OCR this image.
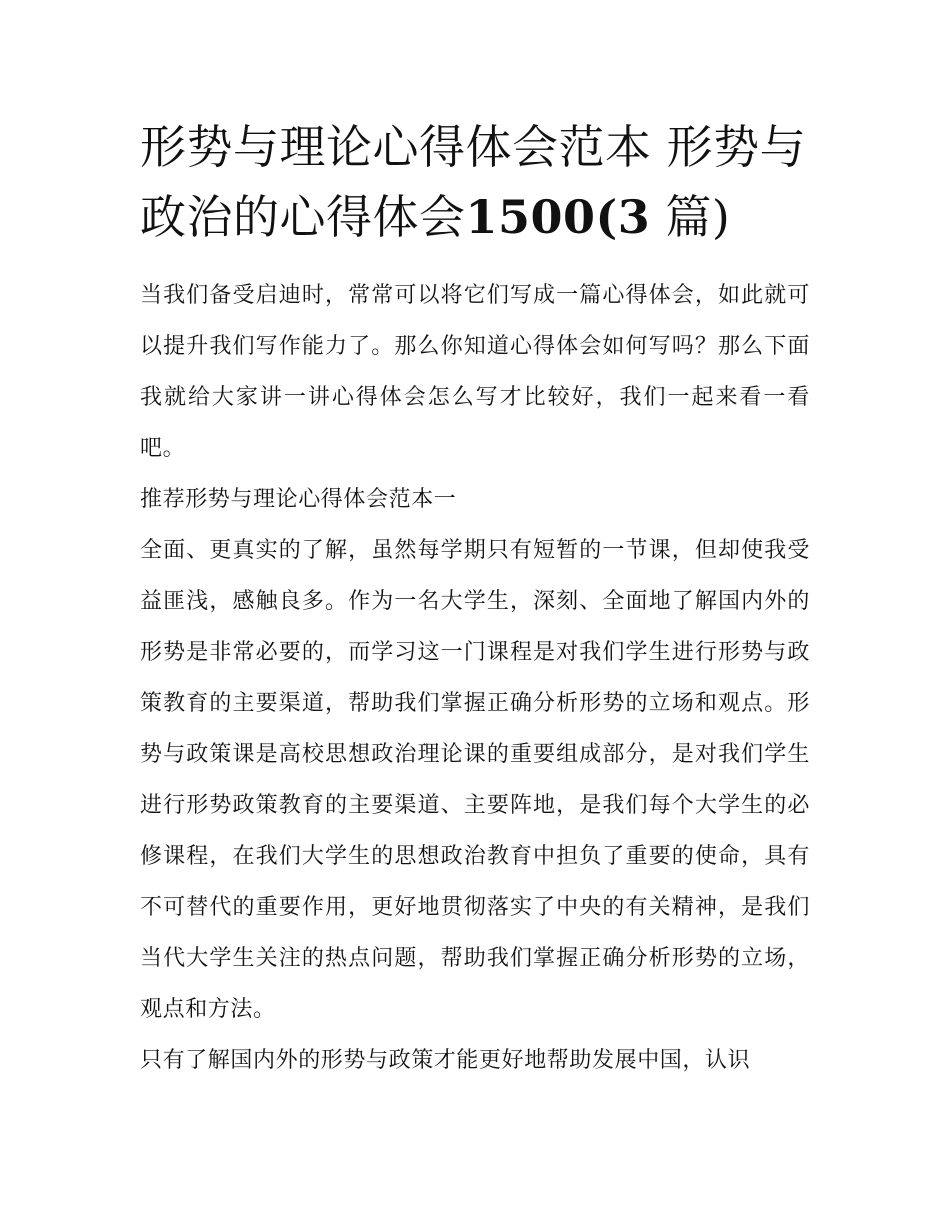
形势与理论心得体会范本 形势与政治的心得体会1500(3 篇)

当我们备受启迪时，常常可以将它们写成一篇心得体会，如此就可以提升我们写作能力了。那么你知道心得体会如何写吗？那么下面我就给大家讲一讲心得体会怎么写才比较好，我们一起来看一看吧。

推荐形势与理论心得体会范本一

全面、更真实的了解，虽然每学期只有短暂的一节课，但却使我受益匪浅，感触良多。作为一名大学生，深刻、全面地了解国内外的形势是非常必要的，而学习这一门课程是对我们学生进行形势与政策教育的主要渠道，帮助我们掌握正确分析形势的立场和观点。形势与政策课是高校思想政治理论课的重要组成部分，是对我们学生进行形势政策教育的主要渠道、主要阵地，是我们每个大学生的必修课程，在我们大学生的思想政治教育中担负了重要的使命，具有不可替代的重要作用，更好地贯彻落实了中央的有关精神，是我们当代大学生关注的热点问题，帮助我们掌握正确分析形势的立场，观点和方法。

只有了解国内外的形势与政策才能更好地帮助发展中国，认识
